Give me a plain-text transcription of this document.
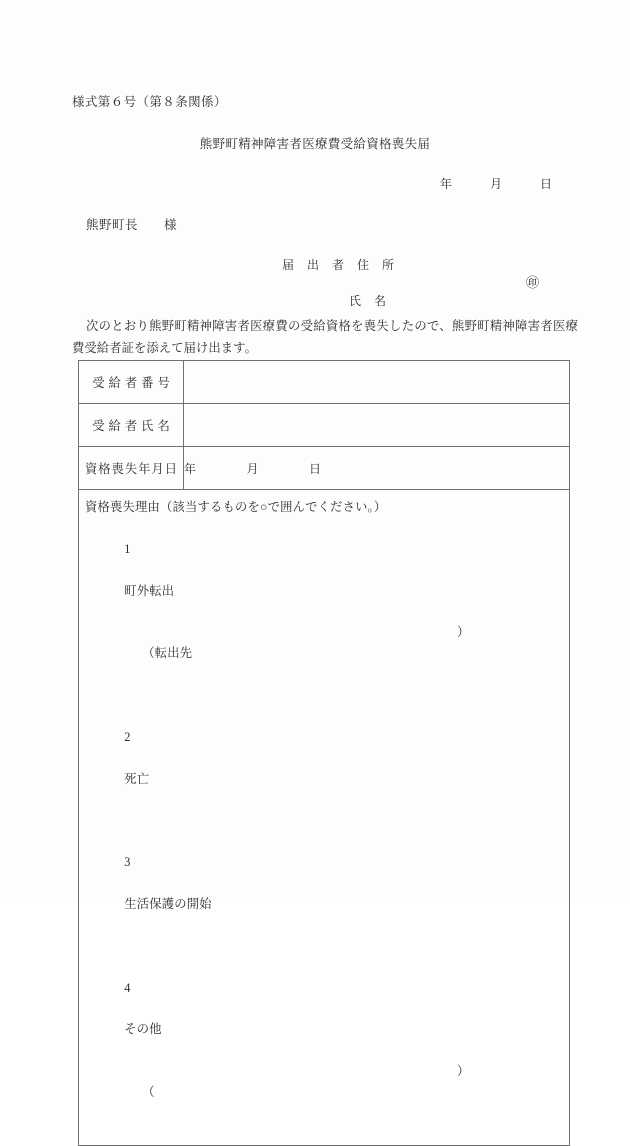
様式第６号（第８条関係）
熊野町精神障害者医療費受給資格喪失届
年　　　月　　　日
熊野町長　　様
届　出　者　住　所

氏　名

㊞

次のとおり熊野町精神障害者医療費の受給資格を喪失したので、熊野町精神障害者医療費受給者証を添えて届け出ます。
受給者番号	
受給者氏名	
資格喪失年月日	年　　　　月　　　　日

資格喪失理由（該当するものを○で囲んでください。）

1

町外転出

（転出先

）

2

死亡

3

生活保護の開始

4

その他

（

）
